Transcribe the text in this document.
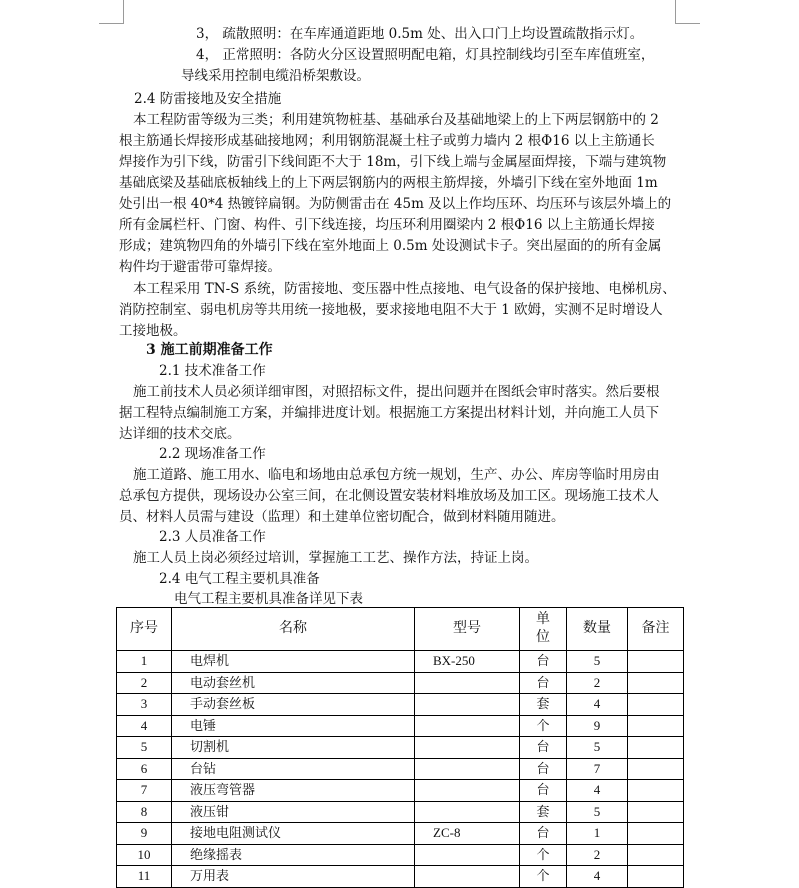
3， 疏散照明：在车库通道距地 0.5m 处、出入口门上均设置疏散指示灯。

4， 正常照明：各防火分区设置照明配电箱，灯具控制线均引至车库值班室，

导线采用控制电缆沿桥架敷设。

2.4 防雷接地及安全措施

本工程防雷等级为三类；利用建筑物桩基、基础承台及基础地梁上的上下两层钢筋中的 2

根主筋通长焊接形成基础接地网；利用钢筋混凝土柱子或剪力墙内 2 根Φ16 以上主筋通长

焊接作为引下线，防雷引下线间距不大于 18m，引下线上端与金属屋面焊接，下端与建筑物

基础底梁及基础底板轴线上的上下两层钢筋内的两根主筋焊接，外墙引下线在室外地面 1m

处引出一根 40*4 热镀锌扁钢。为防侧雷击在 45m 及以上作均压环、均压环与该层外墙上的

所有金属栏杆、门窗、构件、引下线连接，均压环利用圈梁内 2 根Φ16 以上主筋通长焊接

形成；建筑物四角的外墙引下线在室外地面上 0.5m 处设测试卡子。突出屋面的的所有金属

构件均于避雷带可靠焊接。

本工程采用 TN-S 系统，防雷接地、变压器中性点接地、电气设备的保护接地、电梯机房、

消防控制室、弱电机房等共用统一接地极，要求接地电阻不大于 1 欧姆，实测不足时增设人

工接地极。

3 施工前期准备工作

2.1 技术准备工作

施工前技术人员必须详细审图，对照招标文件，提出问题并在图纸会审时落实。然后要根

据工程特点编制施工方案，并编排进度计划。根据施工方案提出材料计划，并向施工人员下

达详细的技术交底。

2.2 现场准备工作

施工道路、施工用水、临电和场地由总承包方统一规划，生产、办公、库房等临时用房由

总承包方提供，现场设办公室三间，在北侧设置安装材料堆放场及加工区。现场施工技术人

员、材料人员需与建设（监理）和土建单位密切配合，做到材料随用随进。

2.3 人员准备工作

施工人员上岗必须经过培训，掌握施工工艺、操作方法，持证上岗。

2.4 电气工程主要机具准备

电气工程主要机具准备详见下表

序号	名称	型号	单位	数量	备注
1	电焊机	BX-250	台	5	
2	电动套丝机		台	2	
3	手动套丝板		套	4	
4	电锤		个	9	
5	切割机		台	5	
6	台钻		台	7	
7	液压弯管器		台	4	
8	液压钳		套	5	
9	接地电阻测试仪	ZC-8	台	1	
10	绝缘摇表		个	2	
11	万用表		个	4	
